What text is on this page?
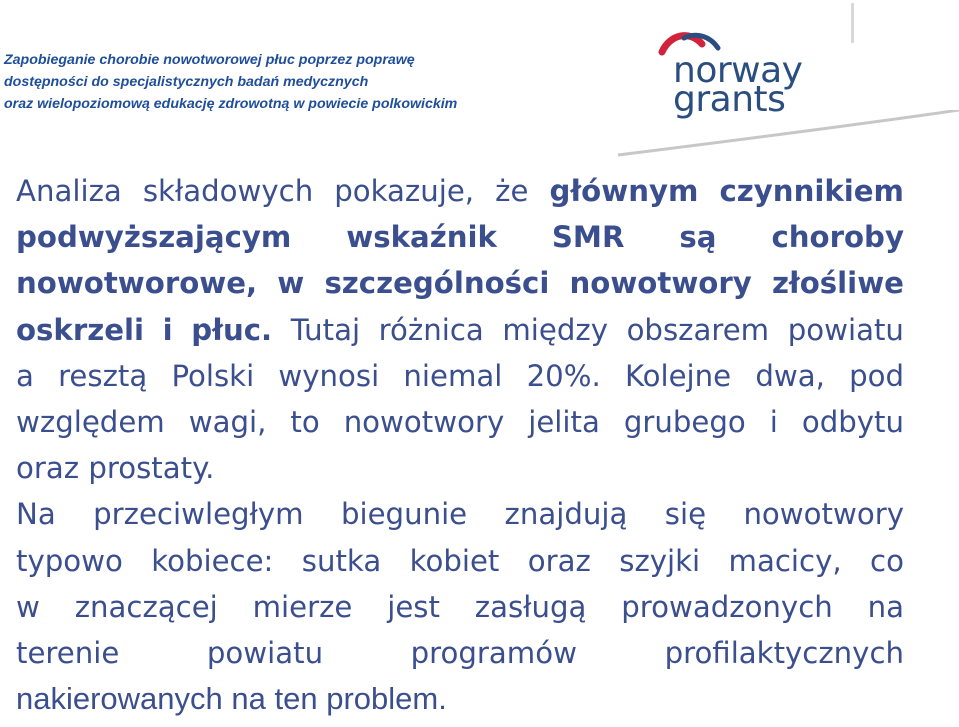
Zapobieganie chorobie nowotworowej płuc poprzez poprawę
dostępności do specjalistycznych badań medycznych
oraz wielopoziomową edukację zdrowotną w powiecie polkowickim
norway
grants
Analiza składowych pokazuje, że głównym czynnikiem
podwyższającym wskaźnik SMR są choroby
nowotworowe, w szczególności nowotwory złośliwe
oskrzeli i płuc. Tutaj różnica między obszarem powiatu
a resztą Polski wynosi niemal 20%. Kolejne dwa, pod
względem wagi, to nowotwory jelita grubego i odbytu
oraz prostaty.
Na przeciwległym biegunie znajdują się nowotwory
typowo kobiece: sutka kobiet oraz szyjki macicy, co
w znaczącej mierze jest zasługą prowadzonych na
terenie	powiatu	programów	profilaktycznych
nakierowanych na ten problem.
